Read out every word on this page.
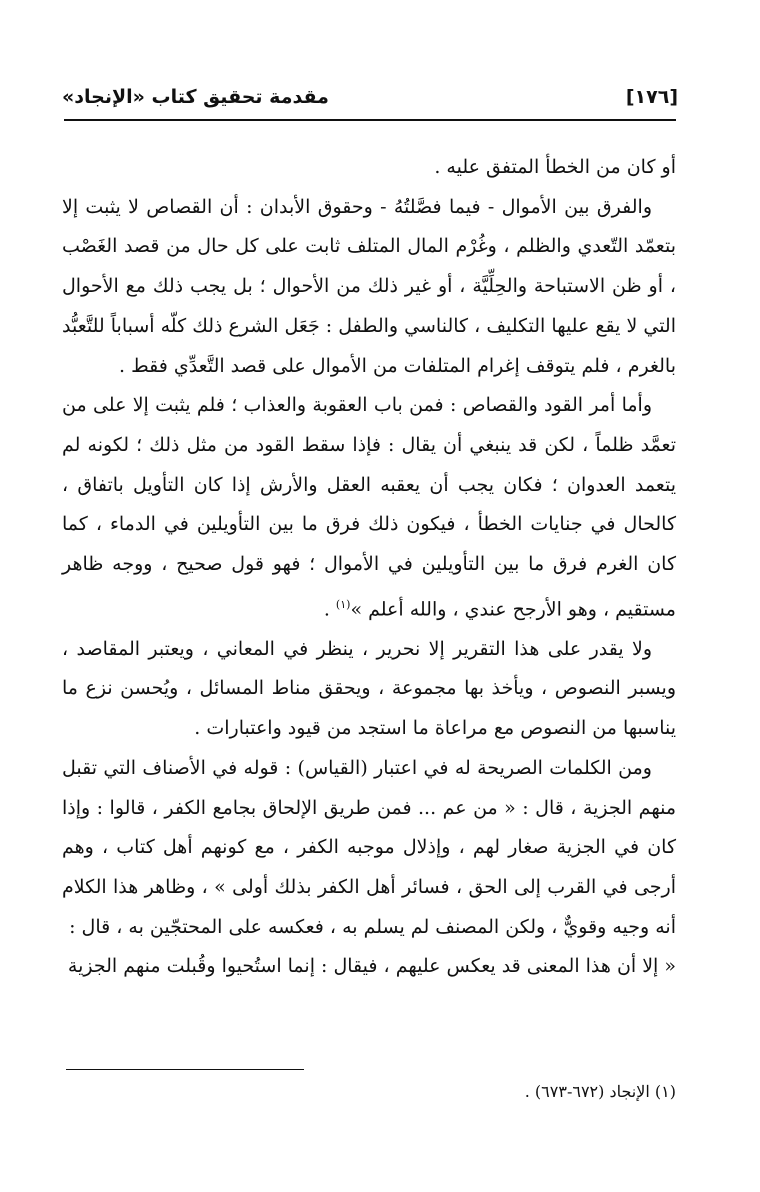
[١٧٦]
مقدمة تحقيق كتاب «الإنجاد»

أو كان من الخطأ المتفق عليه .

والفرق بين الأموال - فيما فصَّلتُهُ - وحقوق الأبدان : أن القصاص لا يثبت إلا بتعمّد التّعدي والظلم ، وغُرْم المال المتلف ثابت على كل حال من قصد الغَصْب ، أو ظن الاستباحة والحِلِّيَّة ، أو غير ذلك من الأحوال ؛ بل يجب ذلك مع الأحوال التي لا يقع عليها التكليف ، كالناسي والطفل : جَعَل الشرع ذلك كلّه أسباباً للتَّعبُّد بالغرم ، فلم يتوقف إغرام المتلفات من الأموال على قصد التَّعدِّي فقط .

وأما أمر القود والقصاص : فمن باب العقوبة والعذاب ؛ فلم يثبت إلا على من تعمَّد ظلماً ، لكن قد ينبغي أن يقال : فإذا سقط القود من مثل ذلك ؛ لكونه لم يتعمد العدوان ؛ فكان يجب أن يعقبه العقل والأرش إذا كان التأويل باتفاق ، كالحال في جنايات الخطأ ، فيكون ذلك فرق ما بين التأويلين في الدماء ، كما كان الغرم فرق ما بين التأويلين في الأموال ؛ فهو قول صحيح ، ووجه ظاهر مستقيم ، وهو الأرجح عندي ، والله أعلم »$^{(١)}$ .

ولا يقدر على هذا التقرير إلا نحرير ، ينظر في المعاني ، ويعتبر المقاصد ، ويسبر النصوص ، ويأخذ بها مجموعة ، ويحقق مناط المسائل ، ويُحسن نزع ما يناسبها من النصوص مع مراعاة ما استجد من قيود واعتبارات .

ومن الكلمات الصريحة له في اعتبار (القياس) : قوله في الأصناف التي تقبل منهم الجزية ، قال : « من عم ... فمن طريق الإلحاق بجامع الكفر ، قالوا : وإذا كان في الجزية صغار لهم ، وإذلال موجبه الكفر ، مع كونهم أهل كتاب ، وهم أرجى في القرب إلى الحق ، فسائر أهل الكفر بذلك أولى » ، وظاهر هذا الكلام أنه وجيه وقويٌّ ، ولكن المصنف لم يسلم به ، فعكسه على المحتجّين به ، قال :

« إلا أن هذا المعنى قد يعكس عليهم ، فيقال : إنما استُحيوا وقُبلت منهم الجزية

(١) الإنجاد (٦٧٢-٦٧٣) .
